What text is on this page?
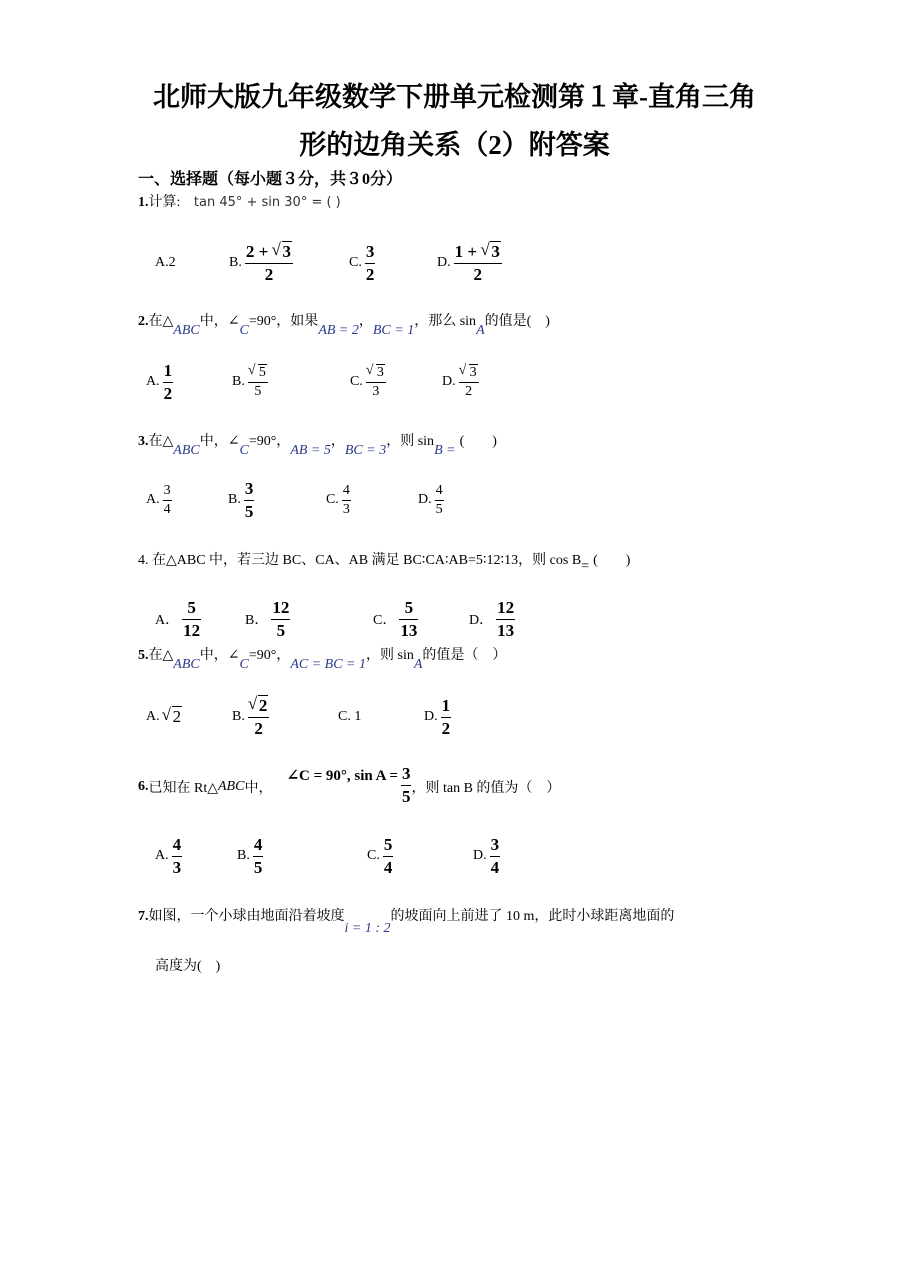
北师大版九年级数学下册单元检测第１章-直角三角
形的边角关系（2）附答案
一、选择题（每小题３分，共３0分）
1.计算: tan 45° + sin 30° = ( )
A.2	B. $\frac{2 + √ 3}{2}$	C. $\frac{3}{2}$	D. $\frac{1 + √ 3}{2}$
2.在△ABC中，∠C=90°，如果AB = 2，BC = 1，那么 sinA的值是(　)
A. $\frac{1}{2}$	B. √ $\frac{5}{5}$	C. √ $\frac{3}{3}$	D. √ $\frac{3}{2}$
3.在△ABC中，∠C=90°，AB = 5，BC = 3，则 sinB =(　　)
A. $\frac{3}{4}$	B. $\frac{3}{5}$	C. $\frac{4}{3}$	D. $\frac{4}{5}$
4. 在△ABC 中，若三边 BC、CA、AB 满足 BC∶CA∶AB=5∶12∶13，则 cos B= (　　)
A． $\frac{5}{12}$	B． $\frac{12}{5}$	C． $\frac{5}{13}$	D． $\frac{12}{13}$
5.在△ABC中，∠C=90°，AC = BC = 1，则 sinA的值是（　）
A. √ 2	B. √ $\frac{2}{2}$	C. 1	D. $\frac{1}{2}$
6. 已知在 Rt△ ABC 中，
∠C = 90°, $\sin A = \frac{3}{5}$ ，则 tan B 的值为（　）
A. $\frac{4}{3}$	B. $\frac{4}{5}$	C. $\frac{5}{4}$	D. $\frac{3}{4}$
7.如图，一个小球由地面沿着坡度i = 1 : 2的坡面向上前进了 10 m，此时小球距离地面的
高度为(　)
